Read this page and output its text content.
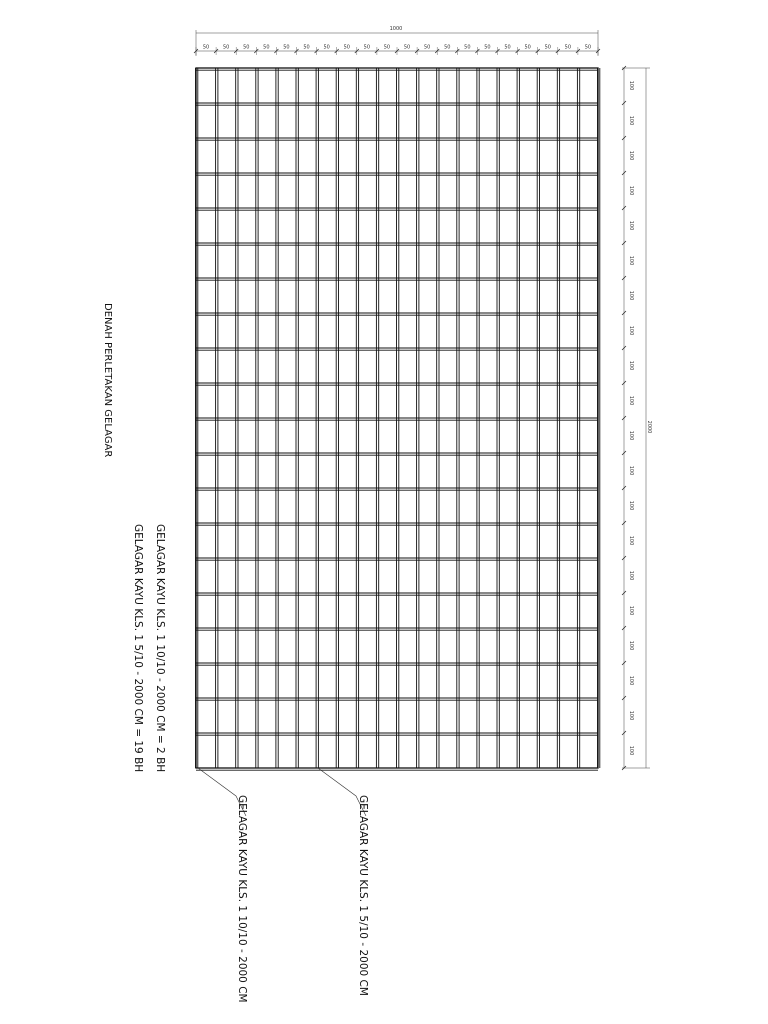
1000
50	50	50	50	50	50	50	50	50	50	50	50	50	50	50	50	50	50	50	50
2000
100
100
100
100
100
100
100
100
100
100
100
100
100
100
100
100
100
100
100
100
DENAH PERLETAKAN GELAGAR
GELAGAR KAYU KLS. 1 10/10 - 2000 CM = 2 BH
GELAGAR KAYU KLS. 1 5/10 - 2000 CM = 19 BH
GELAGAR KAYU KLS. 1 10/10 - 2000 CM	GELAGAR KAYU KLS. 1 5/10 - 2000 CM
